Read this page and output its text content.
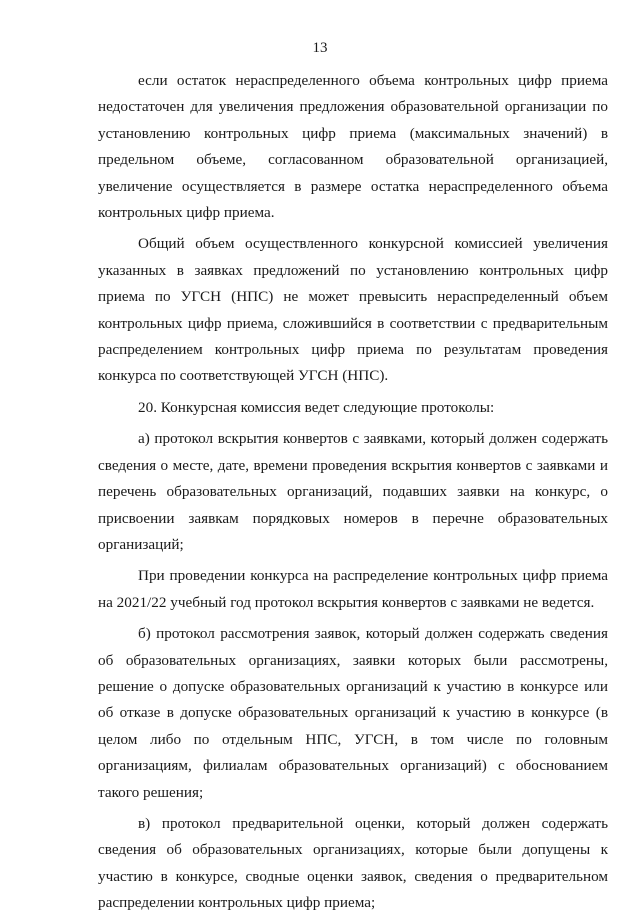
13

если остаток нераспределенного объема контрольных цифр приема недостаточен для увеличения предложения образовательной организации по установлению контрольных цифр приема (максимальных значений) в предельном объеме, согласованном образовательной организацией, увеличение осуществляется в размере остатка нераспределенного объема контрольных цифр приема.

Общий объем осуществленного конкурсной комиссией увеличения указанных в заявках предложений по установлению контрольных цифр приема по УГСН (НПС) не может превысить нераспределенный объем контрольных цифр приема, сложившийся в соответствии с предварительным распределением контрольных цифр приема по результатам проведения конкурса по соответствующей УГСН (НПС).

20. Конкурсная комиссия ведет следующие протоколы:

а) протокол вскрытия конвертов с заявками, который должен содержать сведения о месте, дате, времени проведения вскрытия конвертов с заявками и перечень образовательных организаций, подавших заявки на конкурс, о присвоении заявкам порядковых номеров в перечне образовательных организаций;

При проведении конкурса на распределение контрольных цифр приема на 2021/22 учебный год протокол вскрытия конвертов с заявками не ведется.

б) протокол рассмотрения заявок, который должен содержать сведения об образовательных организациях, заявки которых были рассмотрены, решение о допуске образовательных организаций к участию в конкурсе или об отказе в допуске образовательных организаций к участию в конкурсе (в целом либо по отдельным НПС, УГСН, в том числе по головным организациям, филиалам образовательных организаций) с обоснованием такого решения;

в) протокол предварительной оценки, который должен содержать сведения об образовательных организациях, которые были допущены к участию в конкурсе, сводные оценки заявок, сведения о предварительном распределении контрольных цифр приема;
